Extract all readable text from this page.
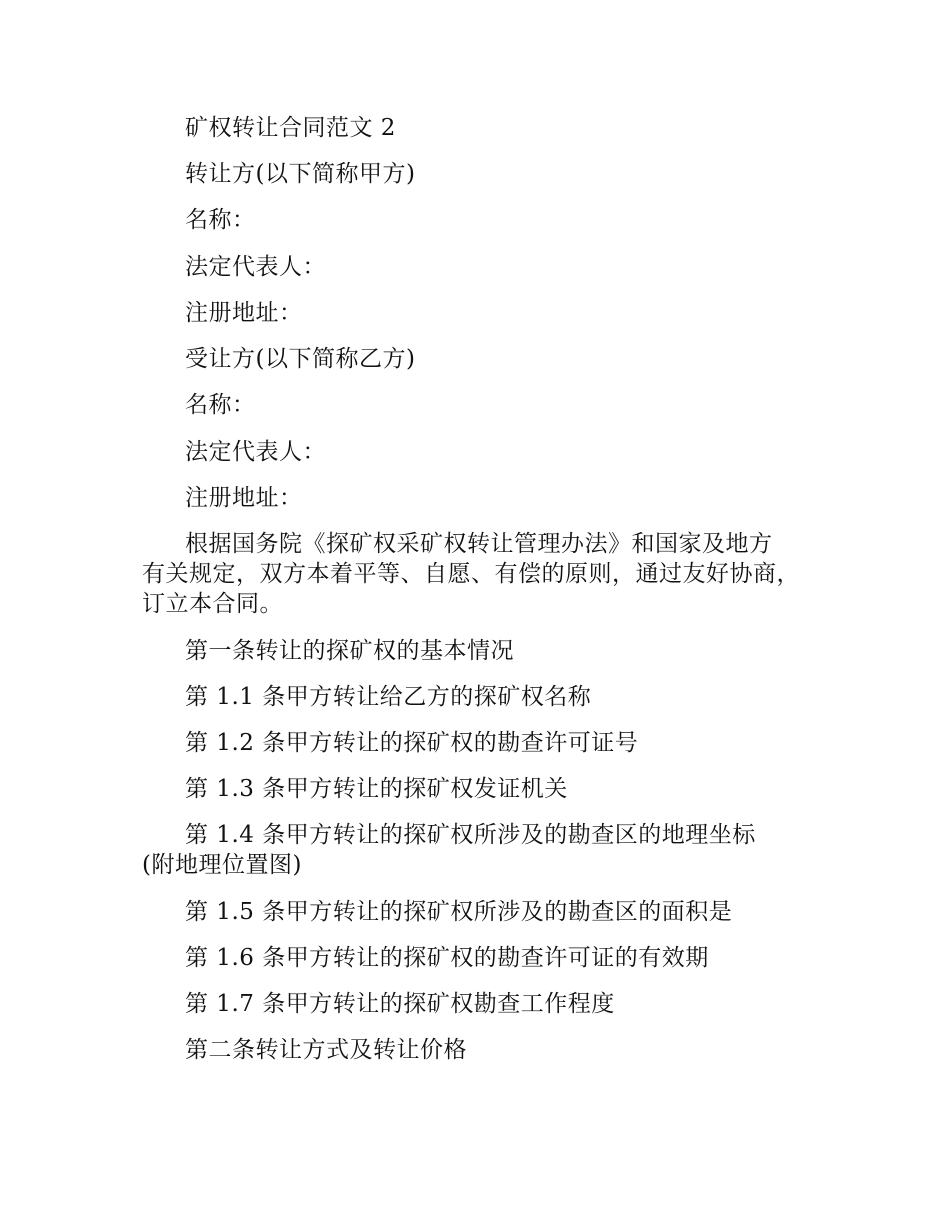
矿权转让合同范文 2
转让方(以下简称甲方)
名称：
法定代表人：
注册地址：
受让方(以下简称乙方)
名称：
法定代表人：
注册地址：
根据国务院《探矿权采矿权转让管理办法》和国家及地方
有关规定，双方本着平等、自愿、有偿的原则，通过友好协商，
订立本合同。
第一条转让的探矿权的基本情况
第 1.1 条甲方转让给乙方的探矿权名称
第 1.2 条甲方转让的探矿权的勘查许可证号
第 1.3 条甲方转让的探矿权发证机关
第 1.4 条甲方转让的探矿权所涉及的勘查区的地理坐标
(附地理位置图)
第 1.5 条甲方转让的探矿权所涉及的勘查区的面积是
第 1.6 条甲方转让的探矿权的勘查许可证的有效期
第 1.7 条甲方转让的探矿权勘查工作程度
第二条转让方式及转让价格
